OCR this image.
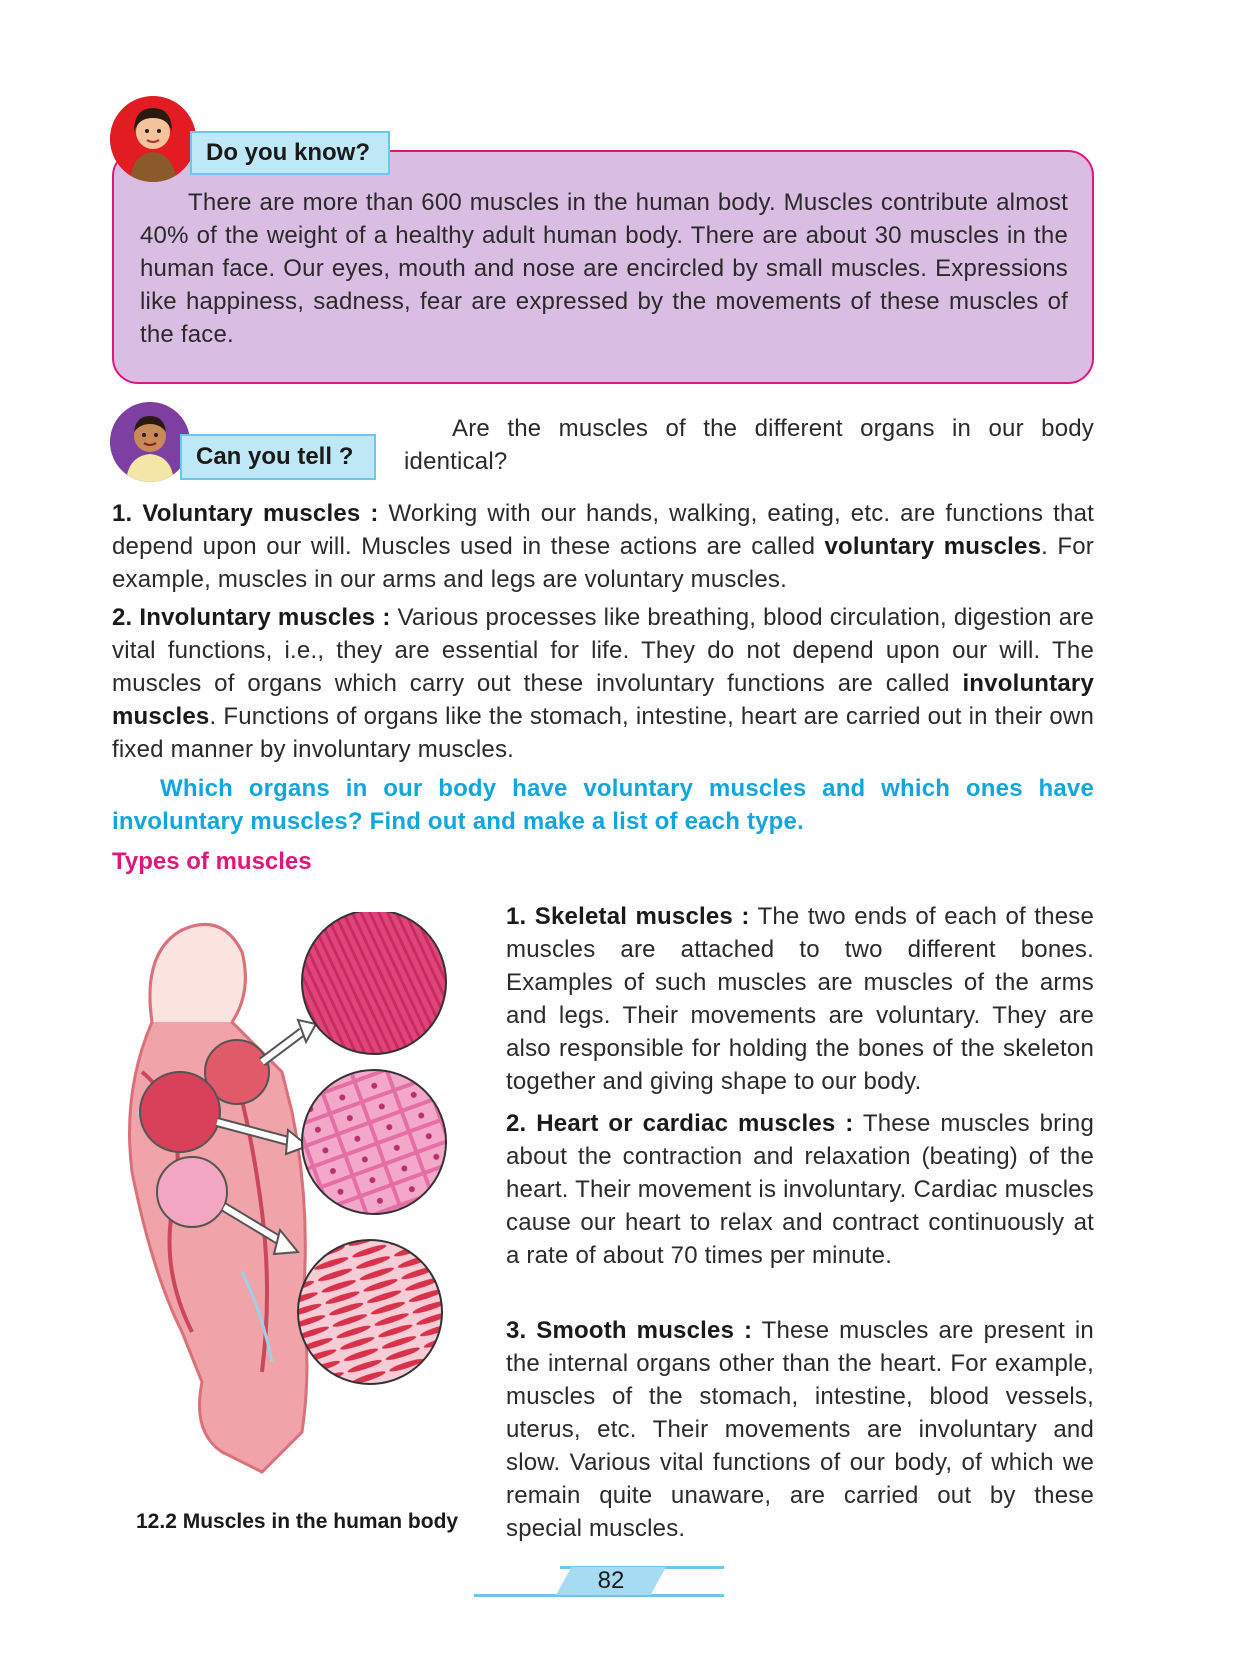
Do you know?
There are more than 600 muscles in the human body. Muscles contribute almost 40% of the weight of a healthy adult human body. There are about 30 muscles in the human face. Our eyes, mouth and nose are encircled by small muscles. Expressions like happiness, sadness, fear are expressed by the movements of these muscles of the face.
Can you tell ?
Are the muscles of the different organs in our body identical?
1. Voluntary muscles : Working with our hands, walking, eating, etc. are functions that depend upon our will. Muscles used in these actions are called voluntary muscles. For example, muscles in our arms and legs are voluntary muscles.
2. Involuntary muscles : Various processes like breathing, blood circulation, digestion are vital functions, i.e., they are essential for life. They do not depend upon our will. The muscles of organs which carry out these involuntary functions are called involuntary muscles. Functions of organs like the stomach, intestine, heart are carried out in their own fixed manner by involuntary muscles.
Which organs in our body have voluntary muscles and which ones have involuntary muscles? Find out and make a list of each type.
Types of muscles
12.2 Muscles in the human body
1. Skeletal muscles : The two ends of each of these muscles are attached to two different bones. Examples of such muscles are muscles of the arms and legs. Their movements are voluntary. They are also responsible for holding the bones of the skeleton together and giving shape to our body.
2. Heart or cardiac muscles : These muscles bring about the contraction and relaxation (beating) of the heart. Their movement is involuntary. Cardiac muscles cause our heart to relax and contract continuously at a rate of about 70 times per minute.
3. Smooth muscles : These muscles are present in the internal organs other than the heart. For example, muscles of the stomach, intestine, blood vessels, uterus, etc. Their movements are involuntary and slow. Various vital functions of our body, of which we remain quite unaware, are carried out by these special muscles.
82
